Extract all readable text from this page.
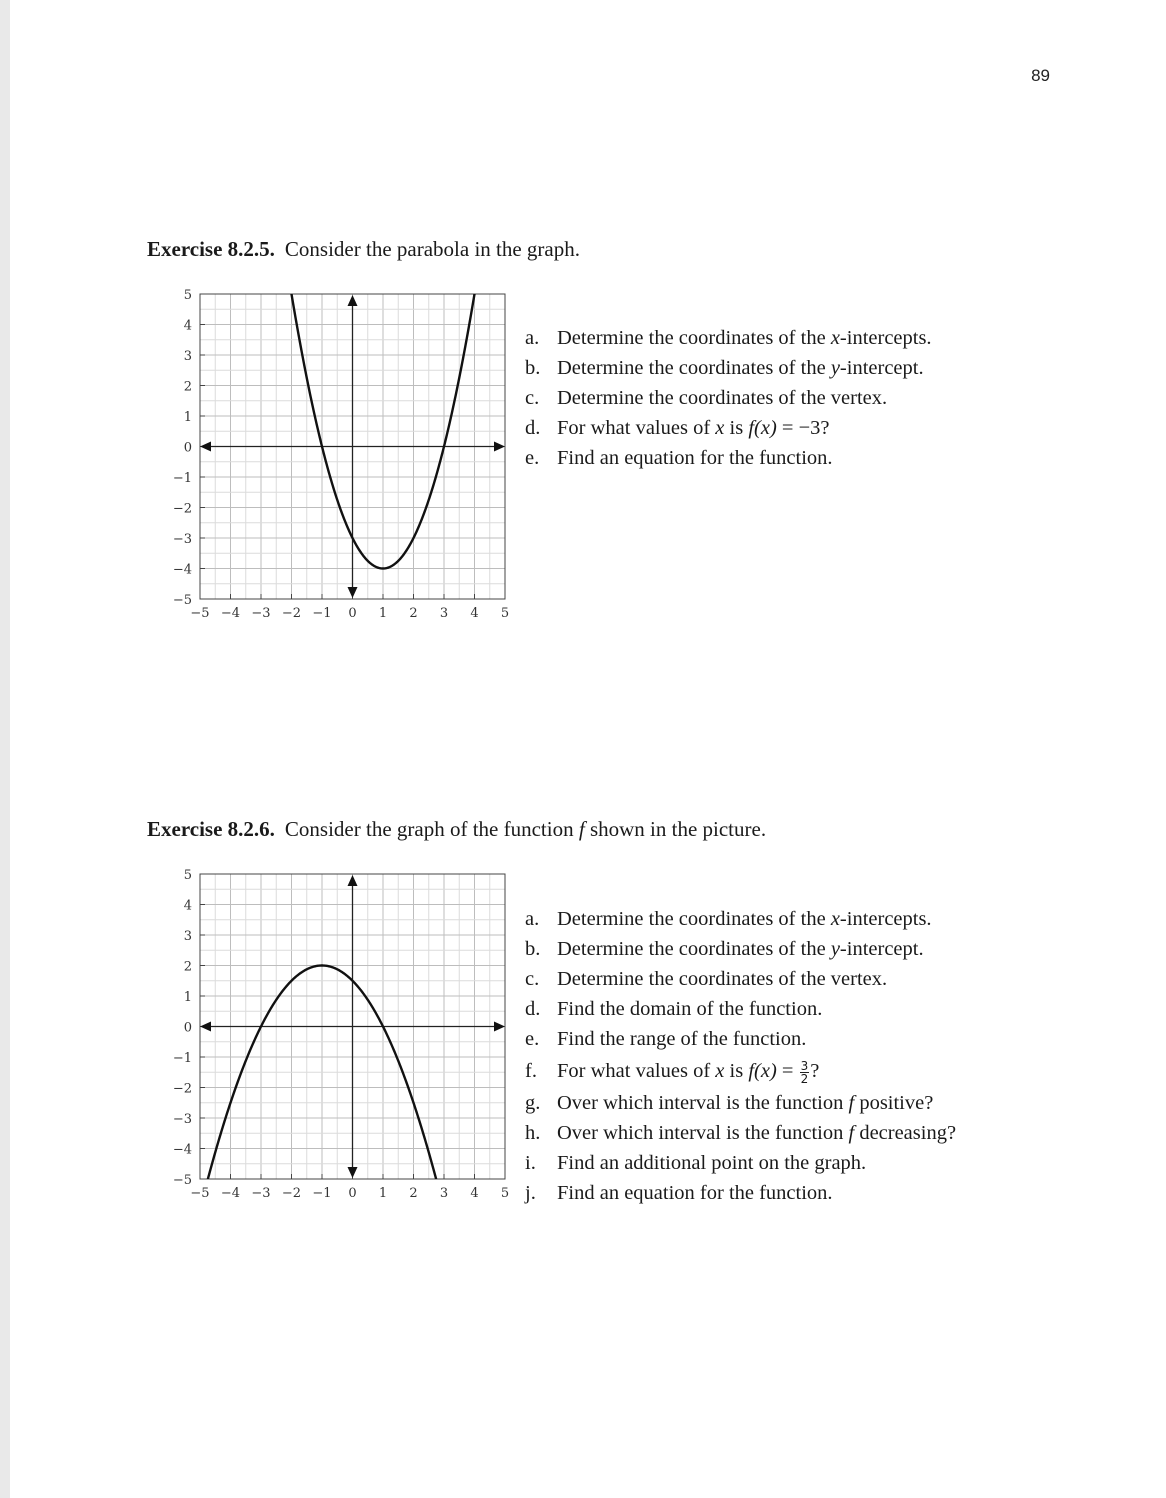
89
Exercise 8.2.5. Consider the parabola in the graph.
5
4
3
2
1
0
−1
−2
−3
−4
−5
−5 −4 −3 −2 −1 0 1 2 3 4 5
a. Determine the coordinates of the x-intercepts.
b. Determine the coordinates of the y-intercept.
c. Determine the coordinates of the vertex.
d. For what values of x is f(x) = −3?
e. Find an equation for the function.
Exercise 8.2.6. Consider the graph of the function f shown in the picture.
5
4
3
2
1
0
−1
−2
−3
−4
−5
−5 −4 −3 −2 −1 0 1 2 3 4 5
a. Determine the coordinates of the x-intercepts.
b. Determine the coordinates of the y-intercept.
c. Determine the coordinates of the vertex.
d. Find the domain of the function.
e. Find the range of the function.
f. For what values of x is $f(x) = \frac{3}{2}$ ?
g. Over which interval is the function f positive?
h. Over which interval is the function f decreasing?
i.	Find an additional point on the graph.
j.	Find an equation for the function.
